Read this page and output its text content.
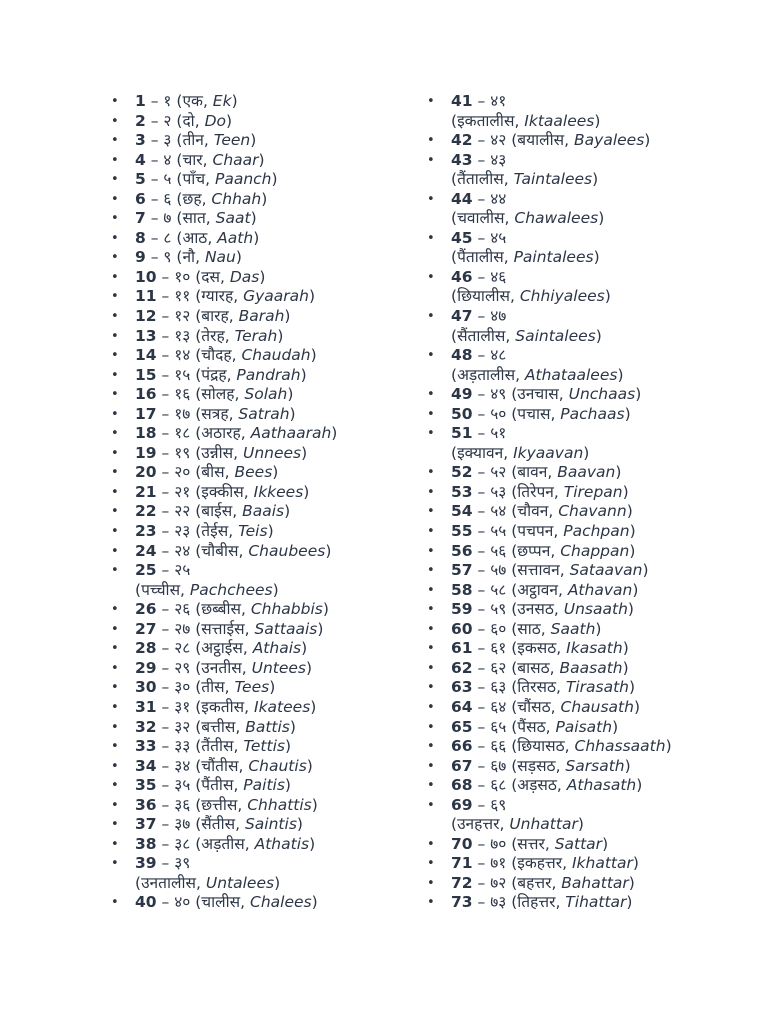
• 1 – १ (एक, Ek)
• 2 – २ (दो, Do)
• 3 – ३ (तीन, Teen)
• 4 – ४ (चार, Chaar)
• 5 – ५ (पाँच, Paanch)
• 6 – ६ (छह, Chhah)
• 7 – ७ (सात, Saat)
• 8 – ८ (आठ, Aath)
• 9 – ९ (नौ, Nau)
• 10 – १० (दस, Das)
• 11 – ११ (ग्यारह, Gyaarah)
• 12 – १२ (बारह, Barah)
• 13 – १३ (तेरह, Terah)
• 14 – १४ (चौदह, Chaudah)
• 15 – १५ (पंद्रह, Pandrah)
• 16 – १६ (सोलह, Solah)
• 17 – १७ (सत्रह, Satrah)
• 18 – १८ (अठारह, Aathaarah)
• 19 – १९ (उन्नीस, Unnees)
• 20 – २० (बीस, Bees)
• 21 – २१ (इक्कीस, Ikkees)
• 22 – २२ (बाईस, Baais)
• 23 – २३ (तेईस, Teis)
• 24 – २४ (चौबीस, Chaubees)
• 25 – २५
(पच्चीस, Pachchees)
• 26 – २६ (छब्बीस, Chhabbis)
• 27 – २७ (सत्ताईस, Sattaais)
• 28 – २८ (अट्ठाईस, Athais)
• 29 – २९ (उनतीस, Untees)
• 30 – ३० (तीस, Tees)
• 31 – ३१ (इकतीस, Ikatees)
• 32 – ३२ (बत्तीस, Battis)
• 33 – ३३ (तैंतीस, Tettis)
• 34 – ३४ (चौंतीस, Chautis)
• 35 – ३५ (पैंतीस, Paitis)
• 36 – ३६ (छत्तीस, Chhattis)
• 37 – ३७ (सैंतीस, Saintis)
• 38 – ३८ (अड़तीस, Athatis)
• 39 – ३९
(उनतालीस, Untalees)
• 40 – ४० (चालीस, Chalees)
• 41 – ४१
(इकतालीस, Iktaalees)
• 42 – ४२ (बयालीस, Bayalees)
• 43 – ४३
(तैंतालीस, Taintalees)
• 44 – ४४
(चवालीस, Chawalees)
• 45 – ४५
(पैंतालीस, Paintalees)
• 46 – ४६
(छियालीस, Chhiyalees)
• 47 – ४७
(सैंतालीस, Saintalees)
• 48 – ४८
(अड़तालीस, Athataalees)
• 49 – ४९ (उनचास, Unchaas)
• 50 – ५० (पचास, Pachaas)
• 51 – ५१
(इक्यावन, Ikyaavan)
• 52 – ५२ (बावन, Baavan)
• 53 – ५३ (तिरेपन, Tirepan)
• 54 – ५४ (चौवन, Chavann)
• 55 – ५५ (पचपन, Pachpan)
• 56 – ५६ (छप्पन, Chappan)
• 57 – ५७ (सत्तावन, Sataavan)
• 58 – ५८ (अट्ठावन, Athavan)
• 59 – ५९ (उनसठ, Unsaath)
• 60 – ६० (साठ, Saath)
• 61 – ६१ (इकसठ, Ikasath)
• 62 – ६२ (बासठ, Baasath)
• 63 – ६३ (तिरसठ, Tirasath)
• 64 – ६४ (चौंसठ, Chausath)
• 65 – ६५ (पैंसठ, Paisath)
• 66 – ६६ (छियासठ, Chhassaath)
• 67 – ६७ (सड़सठ, Sarsath)
• 68 – ६८ (अड़सठ, Athasath)
• 69 – ६९
(उनहत्तर, Unhattar)
• 70 – ७० (सत्तर, Sattar)
• 71 – ७१ (इकहत्तर, Ikhattar)
• 72 – ७२ (बहत्तर, Bahattar)
• 73 – ७३ (तिहत्तर, Tihattar)
